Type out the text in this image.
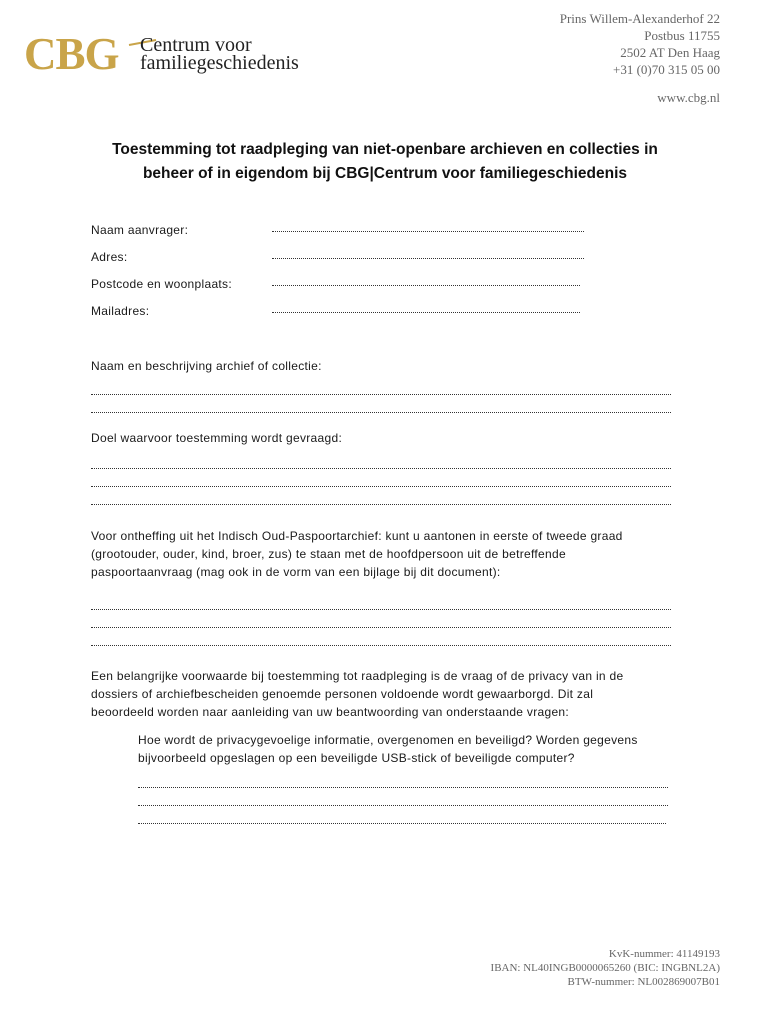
CBG Centrum voor
familiegeschiedenis
Prins Willem-Alexanderhof 22
Postbus 11755
2502 AT Den Haag
+31 (0)70 315 05 00
www.cbg.nl
Toestemming tot raadpleging van niet-openbare archieven en collecties in
beheer of in eigendom bij CBG|Centrum voor familiegeschiedenis
Naam aanvrager:
Adres:
Postcode en woonplaats:
Mailadres:
Naam en beschrijving archief of collectie:
Doel waarvoor toestemming wordt gevraagd:
Voor ontheffing uit het Indisch Oud-Paspoortarchief: kunt u aantonen in eerste of tweede graad
(grootouder, ouder, kind, broer, zus) te staan met de hoofdpersoon uit de betreffende
paspoortaanvraag (mag ook in de vorm van een bijlage bij dit document):
Een belangrijke voorwaarde bij toestemming tot raadpleging is de vraag of de privacy van in de
dossiers of archiefbescheiden genoemde personen voldoende wordt gewaarborgd. Dit zal
beoordeeld worden naar aanleiding van uw beantwoording van onderstaande vragen:
Hoe wordt de privacygevoelige informatie, overgenomen en beveiligd? Worden gegevens
bijvoorbeeld opgeslagen op een beveiligde USB-stick of beveiligde computer?
KvK-nummer: 41149193
IBAN: NL40INGB0000065260 (BIC: INGBNL2A)
BTW-nummer: NL002869007B01
